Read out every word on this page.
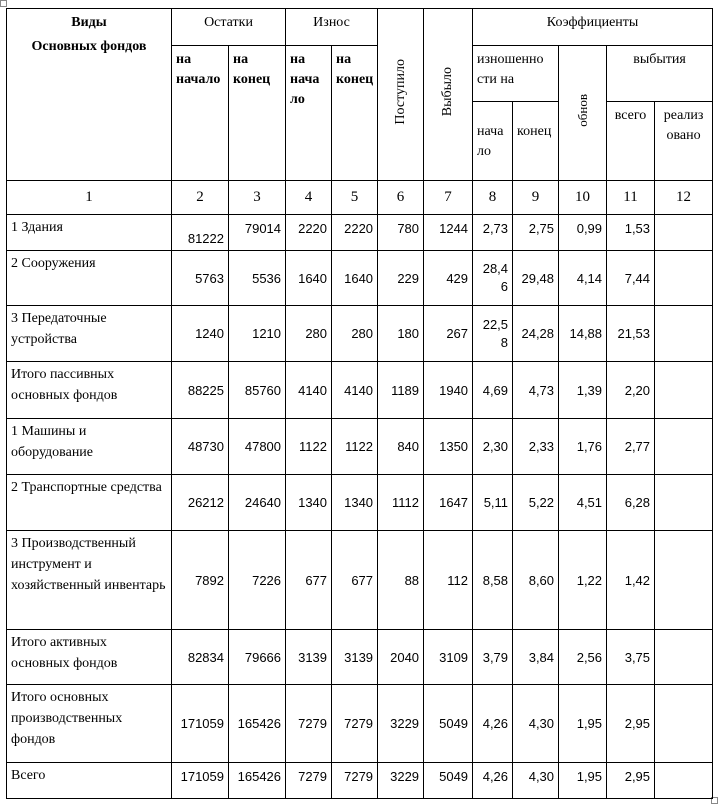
Виды
Основных фондов	Остатки		Износ		Поступило	Выбыло	Коэффициенты				
	на начало	на конец	на нача ло	на конец			изношенно сти на		обнов	выбытия	
							нача ло	конец		всего	реализ овано
1	2	3	4	5	6	7	8	9	10	11	12
1 Здания	81222	79014	2220	2220	780	1244	2,73	2,75	0,99	1,53	
2 Сооружения	5763	5536	1640	1640	229	429	28,4 6	29,48	4,14	7,44	
3 Передаточные устройства	1240	1210	280	280	180	267	22,5 8	24,28	14,88	21,53	
Итого пассивных основных фондов	88225	85760	4140	4140	1189	1940	4,69	4,73	1,39	2,20	
1 Машины и оборудование	48730	47800	1122	1122	840	1350	2,30	2,33	1,76	2,77	
2 Транспортные средства	26212	24640	1340	1340	1112	1647	5,11	5,22	4,51	6,28	
3 Производственный инструмент и хозяйственный инвентарь	7892	7226	677	677	88	112	8,58	8,60	1,22	1,42	
Итого активных основных фондов	82834	79666	3139	3139	2040	3109	3,79	3,84	2,56	3,75	
Итого основных производственных фондов	171059	165426	7279	7279	3229	5049	4,26	4,30	1,95	2,95	
Всего	171059	165426	7279	7279	3229	5049	4,26	4,30	1,95	2,95	
